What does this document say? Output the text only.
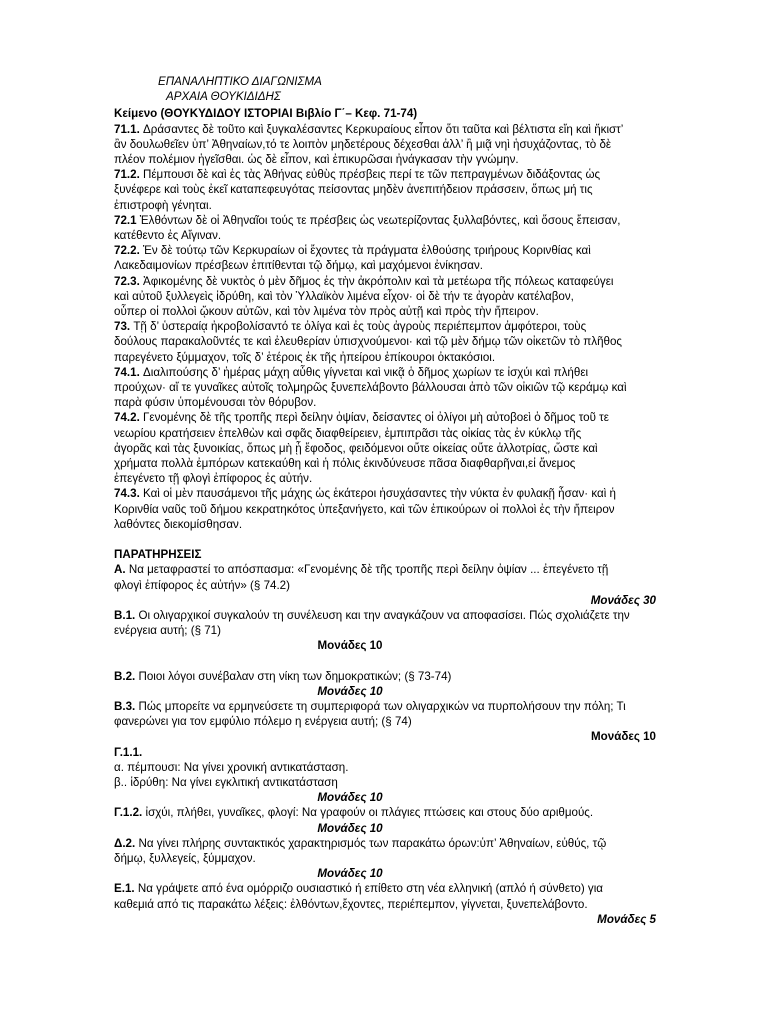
ΕΠΑΝΑΛΗΠΤΙΚΟ ΔΙΑΓΩΝΙΣΜΑ

ΑΡΧΑΙΑ ΘΟΥΚΙΔΙΔΗΣ

Κείμενο (ΘΟΥΚΥΔΙΔΟΥ ΙΣΤΟΡΙΑΙ Βιβλίο Γ΄– Κεφ. 71-74)

71.1. Δράσαντες δὲ τοῦτο καὶ ξυγκαλέσαντες Κερκυραίους εἶπον ὅτι ταῦτα καὶ βέλτιστα εἴη καὶ ἥκιστ’

ἂν δουλωθεῖεν ὑπ’ Ἀθηναίων,τό τε λοιπὸν μηδετέρους δέχεσθαι ἀλλ’ ἢ μιᾷ νηὶ ἡσυχάζοντας, τὸ δὲ

πλέον πολέμιον ἡγεῖσθαι. ὡς δὲ εἶπον, καὶ ἐπικυρῶσαι ἠνάγκασαν τὴν γνώμην.

71.2. Πέμπουσι δὲ καὶ ἐς τὰς Ἀθήνας εὐθὺς πρέσβεις περί τε τῶν πεπραγμένων διδάξοντας ὡς

ξυνέφερε καὶ τοὺς ἐκεῖ καταπεφευγότας πείσοντας μηδὲν ἀνεπιτήδειον πράσσειν, ὅπως μή τις

ἐπιστροφὴ γένηται.

72.1 Ἐλθόντων δὲ οἱ Ἀθηναῖοι τούς τε πρέσβεις ὡς νεωτερίζοντας ξυλλαβόντες, καὶ ὅσους ἔπεισαν,

κατέθεντο ἐς Αἴγιναν.

72.2. Ἐν δὲ τούτῳ τῶν Κερκυραίων οἱ ἔχοντες τὰ πράγματα ἐλθούσης τριήρους Κορινθίας καὶ

Λακεδαιμονίων πρέσβεων ἐπιτίθενται τῷ δήμῳ, καὶ μαχόμενοι ἐνίκησαν.

72.3. Ἀφικομένης δὲ νυκτὸς ὁ μὲν δῆμος ἐς τὴν ἀκρόπολιν καὶ τὰ μετέωρα τῆς πόλεως καταφεύγει

καὶ αὐτοῦ ξυλλεγεὶς ἱδρύθη, καὶ τὸν Ὑλλαϊκὸν λιμένα εἶχον· οἱ δὲ τήν τε ἀγορὰν κατέλαβον,

οὗπερ οἱ πολλοὶ ᾤκουν αὐτῶν, καὶ τὸν λιμένα τὸν πρὸς αὐτῇ καὶ πρὸς τὴν ἤπειρον.

73. Τῇ δ’ ὑστεραίᾳ ἠκροβολίσαντό τε ὀλίγα καὶ ἐς τοὺς ἀγροὺς περιέπεμπον ἀμφότεροι, τοὺς

δούλους παρακαλοῦντές τε καὶ ἐλευθερίαν ὑπισχνούμενοι· καὶ τῷ μὲν δήμῳ τῶν οἰκετῶν τὸ πλῆθος

παρεγένετο ξύμμαχον, τοῖς δ’ ἑτέροις ἐκ τῆς ἠπείρου ἐπίκουροι ὀκτακόσιοι.

74.1. Διαλιπούσης δ’ ἡμέρας μάχη αὖθις γίγνεται καὶ νικᾷ ὁ δῆμος χωρίων τε ἰσχύι καὶ πλήθει

προύχων· αἵ τε γυναῖκες αὐτοῖς τολμηρῶς ξυνεπελάβοντο βάλλουσαι ἀπὸ τῶν οἰκιῶν τῷ κεράμῳ καὶ

παρὰ φύσιν ὑπομένουσαι τὸν θόρυβον.

74.2. Γενομένης δὲ τῆς τροπῆς περὶ δείλην ὀψίαν, δείσαντες οἱ ὀλίγοι μὴ αὐτοβοεὶ ὁ δῆμος τοῦ τε

νεωρίου κρατήσειεν ἐπελθὼν καὶ σφᾶς διαφθείρειεν, ἐμπιπρᾶσι τὰς οἰκίας τὰς ἐν κύκλῳ τῆς

ἀγορᾶς καὶ τὰς ξυνοικίας, ὅπως μὴ ᾖ ἔφοδος, φειδόμενοι οὔτε οἰκείας οὔτε ἀλλοτρίας, ὥστε καὶ

χρήματα πολλὰ ἐμπόρων κατεκαύθη καὶ ἡ πόλις ἐκινδύνευσε πᾶσα διαφθαρῆναι,εἰ ἄνεμος

ἐπεγένετο τῇ φλογὶ ἐπίφορος ἐς αὐτήν.

74.3. Καὶ οἱ μὲν παυσάμενοι τῆς μάχης ὡς ἑκάτεροι ἡσυχάσαντες τὴν νύκτα ἐν φυλακῇ ἦσαν· καὶ ἡ

Κορινθία ναῦς τοῦ δήμου κεκρατηκότος ὑπεξανήγετο, καὶ τῶν ἐπικούρων οἱ πολλοὶ ἐς τὴν ἤπειρον

λαθόντες διεκομίσθησαν.

ΠΑΡΑΤΗΡΗΣΕΙΣ

Α. Να μεταφραστεί το απόσπασμα: «Γενομένης δὲ τῆς τροπῆς περὶ δείλην ὀψίαν ... ἐπεγένετο τῇ

φλογὶ ἐπίφορος ἐς αὐτήν» (§ 74.2)

Μονάδες 30

Β.1. Οι ολιγαρχικοί συγκαλούν τη συνέλευση και την αναγκάζουν να αποφασίσει. Πώς σχολιάζετε την

ενέργεια αυτή; (§ 71)

Μονάδες 10

Β.2. Ποιοι λόγοι συνέβαλαν στη νίκη των δημοκρατικών; (§ 73-74)

Μονάδες 10

Β.3. Πώς μπορείτε να ερμηνεύσετε τη συμπεριφορά των ολιγαρχικών να πυρπολήσουν την πόλη; Τι

φανερώνει για τον εμφύλιο πόλεμο η ενέργεια αυτή; (§ 74)

Μονάδες 10

Γ.1.1.

α. πέμπουσι: Να γίνει χρονική αντικατάσταση.

β.. ἱδρύθη: Να γίνει εγκλιτική αντικατάσταση

Μονάδες 10

Γ.1.2. ἰσχύι, πλήθει, γυναῖκες, φλογί: Να γραφούν οι πλάγιες πτώσεις και στους δύο αριθμούς.

Μονάδες 10

Δ.2. Να γίνει πλήρης συντακτικός χαρακτηρισμός των παρακάτω όρων:ὑπ’ Ἀθηναίων, εὐθύς, τῷ

δήμῳ, ξυλλεγείς, ξύμμαχον.

Μονάδες 10

Ε.1. Να γράψετε από ένα ομόρριζο ουσιαστικό ή επίθετο στη νέα ελληνική (απλό ή σύνθετο) για

καθεμιά από τις παρακάτω λέξεις: ἐλθόντων,ἔχοντες, περιέπεμπον, γίγνεται, ξυνεπελάβοντο.

Μονάδες 5
